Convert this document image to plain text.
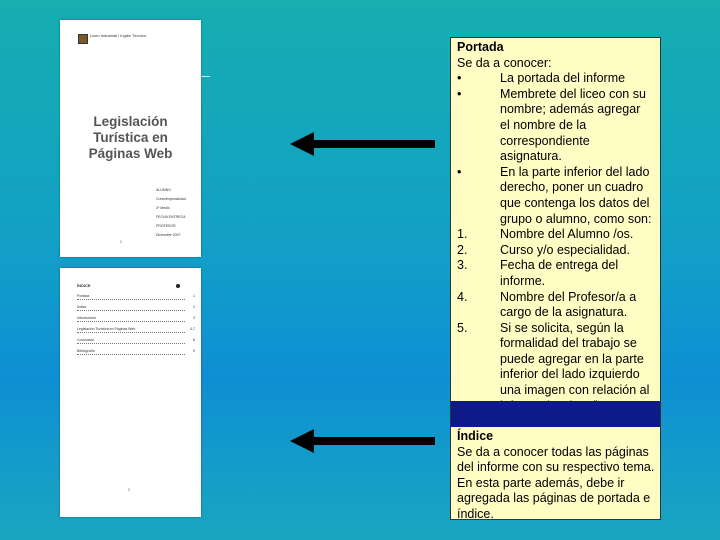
Liceo Industrial / Inglés Técnico
Legislación
Turística en
Páginas Web
ALUMNO
Curso/especialidad
3º Medio
FECHA ENTREGA
PROFESOR
Diciembre 2007
1
ÍNDICE
Portada	1
Índice	2
Introducción	3
Legislación Turística en Páginas Web	4-7
Conclusión	8
Bibliografía	9
2
Portada
Se da a conocer:
•	La portada del informe
•	Membrete del liceo con su nombre; además agregar el nombre de la correspondiente asignatura.
•	En la parte inferior del lado derecho, poner un cuadro que contenga los datos del grupo o alumno, como son:
1.	Nombre del Alumno /os.
2.	Curso y/o especialidad.
3.	Fecha de entrega del informe.
4.	Nombre del Profesor/a a cargo de la asignatura.
5.	Si se solicita, según la formalidad del trabajo se puede agregar en la parte inferior del lado izquierdo una imagen con relación al
Índice
Se da a conocer todas las páginas del informe con su respectivo tema. En esta parte además, debe ir agregada las páginas de portada e índice.
